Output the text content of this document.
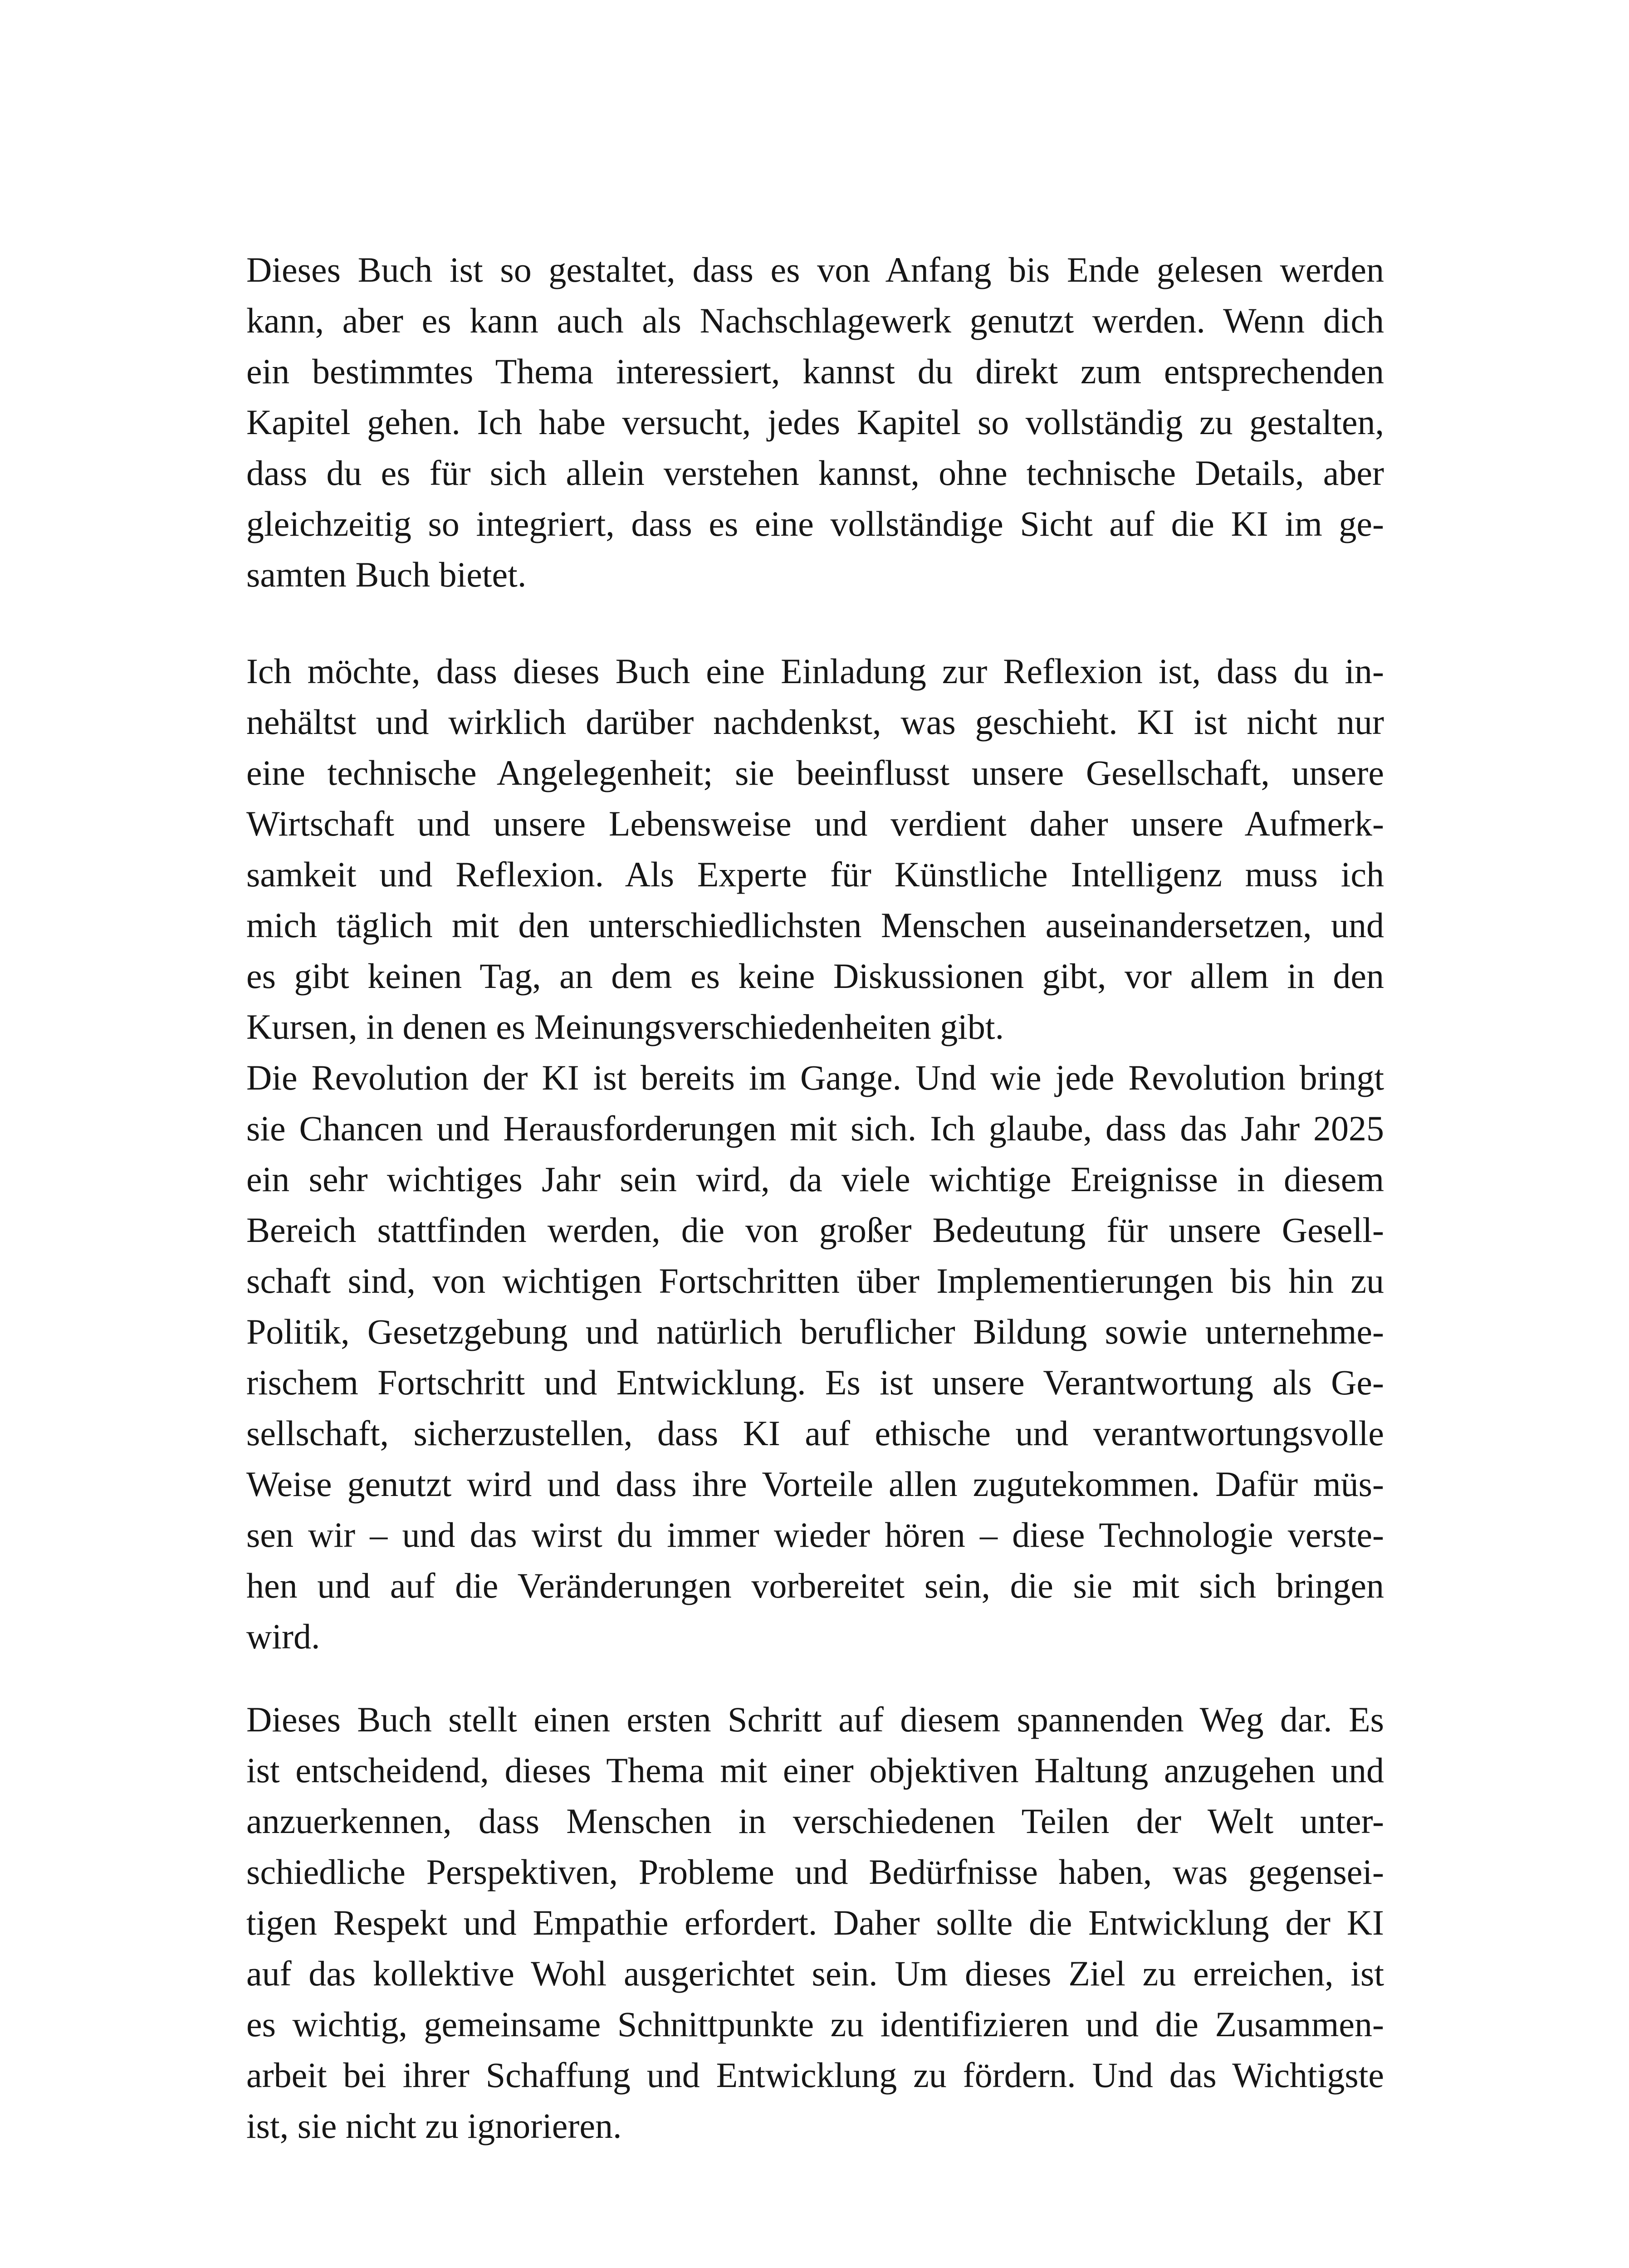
Dieses Buch ist so gestaltet, dass es von Anfang bis Ende gelesen werden
kann, aber es kann auch als Nachschlagewerk genutzt werden. Wenn dich
ein bestimmtes Thema interessiert, kannst du direkt zum entsprechenden
Kapitel gehen. Ich habe versucht, jedes Kapitel so vollständig zu gestalten,
dass du es für sich allein verstehen kannst, ohne technische Details, aber
gleichzeitig so integriert, dass es eine vollständige Sicht auf die KI im ge-
samten Buch bietet.
Ich möchte, dass dieses Buch eine Einladung zur Reflexion ist, dass du in-
nehältst und wirklich darüber nachdenkst, was geschieht. KI ist nicht nur
eine technische Angelegenheit; sie beeinflusst unsere Gesellschaft, unsere
Wirtschaft und unsere Lebensweise und verdient daher unsere Aufmerk-
samkeit und Reflexion. Als Experte für Künstliche Intelligenz muss ich
mich täglich mit den unterschiedlichsten Menschen auseinandersetzen, und
es gibt keinen Tag, an dem es keine Diskussionen gibt, vor allem in den
Kursen, in denen es Meinungsverschiedenheiten gibt.
Die Revolution der KI ist bereits im Gange. Und wie jede Revolution bringt
sie Chancen und Herausforderungen mit sich. Ich glaube, dass das Jahr 2025
ein sehr wichtiges Jahr sein wird, da viele wichtige Ereignisse in diesem
Bereich stattfinden werden, die von großer Bedeutung für unsere Gesell-
schaft sind, von wichtigen Fortschritten über Implementierungen bis hin zu
Politik, Gesetzgebung und natürlich beruflicher Bildung sowie unternehme-
rischem Fortschritt und Entwicklung. Es ist unsere Verantwortung als Ge-
sellschaft, sicherzustellen, dass KI auf ethische und verantwortungsvolle
Weise genutzt wird und dass ihre Vorteile allen zugutekommen. Dafür müs-
sen wir – und das wirst du immer wieder hören – diese Technologie verste-
hen und auf die Veränderungen vorbereitet sein, die sie mit sich bringen
wird.
Dieses Buch stellt einen ersten Schritt auf diesem spannenden Weg dar. Es
ist entscheidend, dieses Thema mit einer objektiven Haltung anzugehen und
anzuerkennen, dass Menschen in verschiedenen Teilen der Welt unter-
schiedliche Perspektiven, Probleme und Bedürfnisse haben, was gegensei-
tigen Respekt und Empathie erfordert. Daher sollte die Entwicklung der KI
auf das kollektive Wohl ausgerichtet sein. Um dieses Ziel zu erreichen, ist
es wichtig, gemeinsame Schnittpunkte zu identifizieren und die Zusammen-
arbeit bei ihrer Schaffung und Entwicklung zu fördern. Und das Wichtigste
ist, sie nicht zu ignorieren.
